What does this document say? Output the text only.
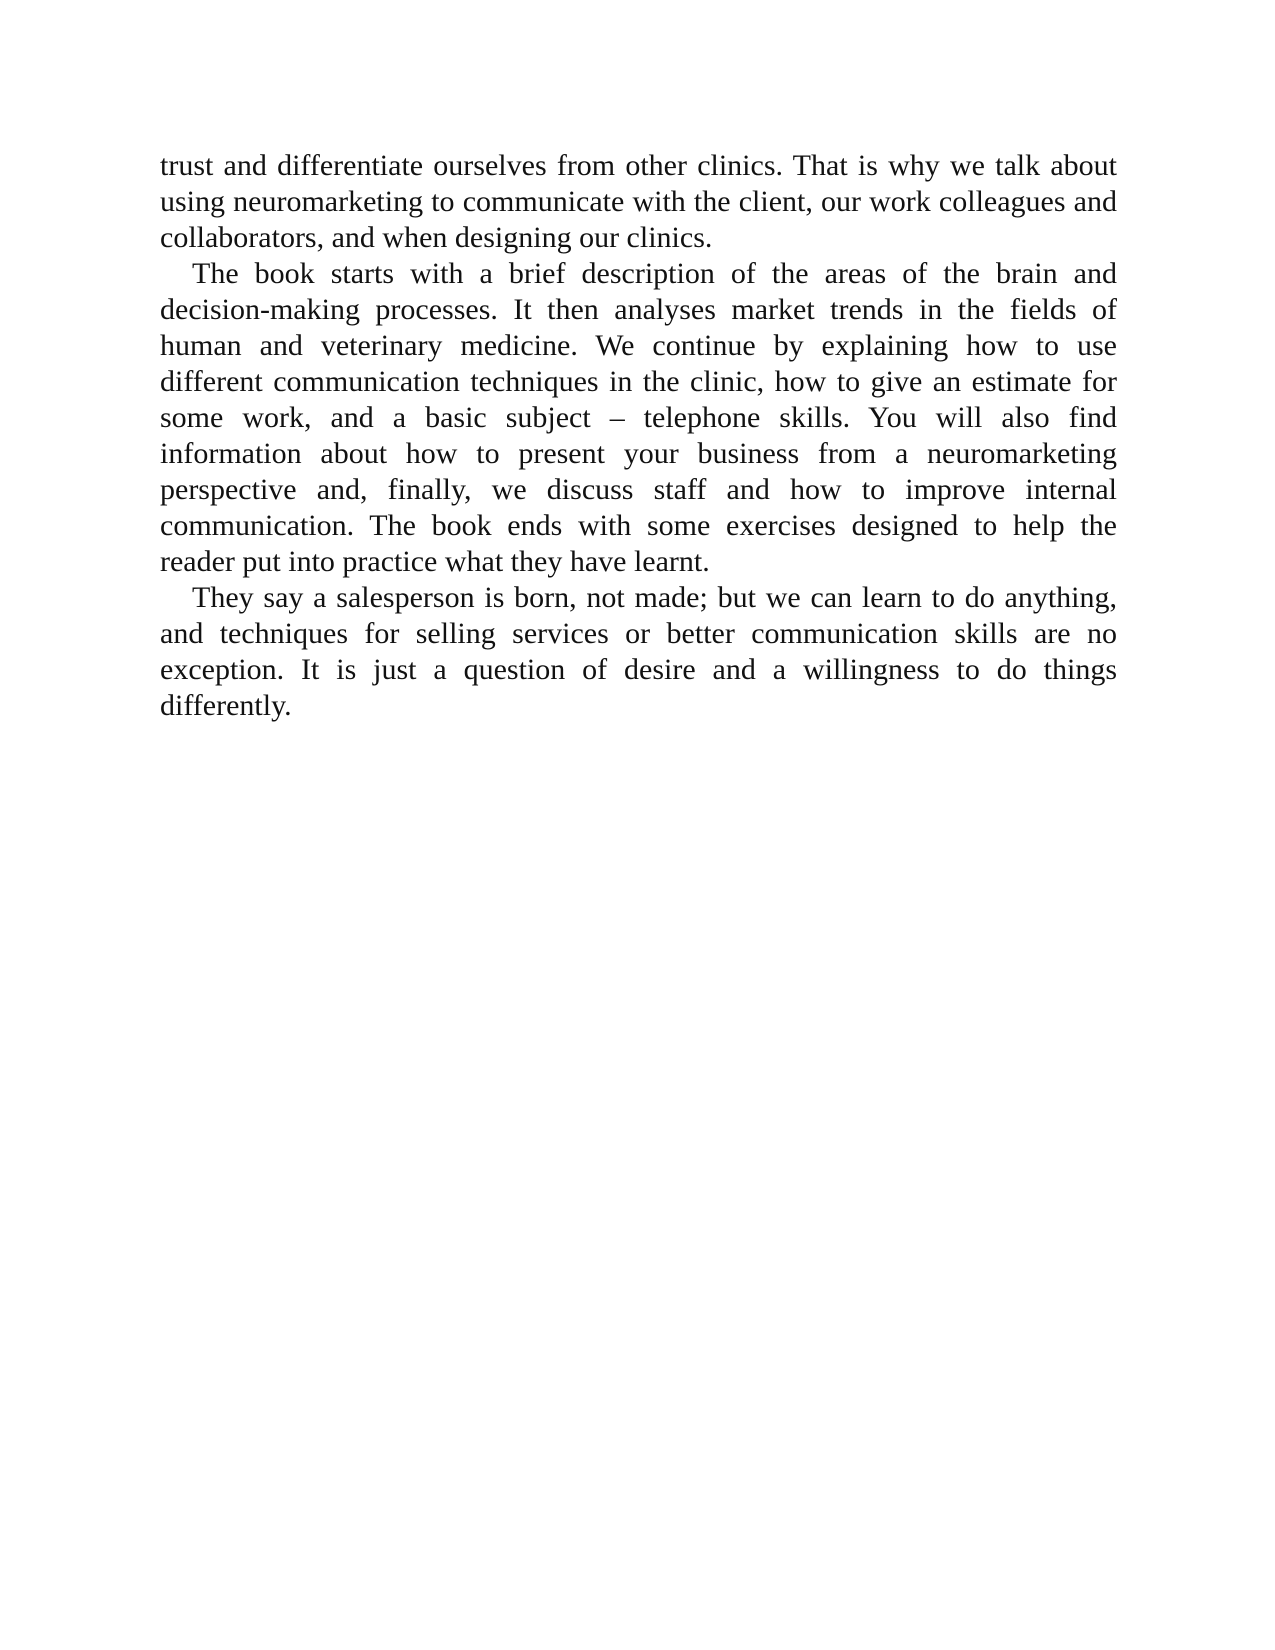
trust and differentiate ourselves from other clinics. That is why we talk about using neuromarketing to communicate with the client, our work colleagues and collaborators, and when designing our clinics.

The book starts with a brief description of the areas of the brain and decision-making processes. It then analyses market trends in the fields of human and veterinary medicine. We continue by explaining how to use different communication techniques in the clinic, how to give an estimate for some work, and a basic subject – telephone skills. You will also find information about how to present your business from a neuromarketing perspective and, finally, we discuss staff and how to improve internal communication. The book ends with some exercises designed to help the reader put into practice what they have learnt.

They say a salesperson is born, not made; but we can learn to do anything, and techniques for selling services or better communication skills are no exception. It is just a question of desire and a willingness to do things differently.
